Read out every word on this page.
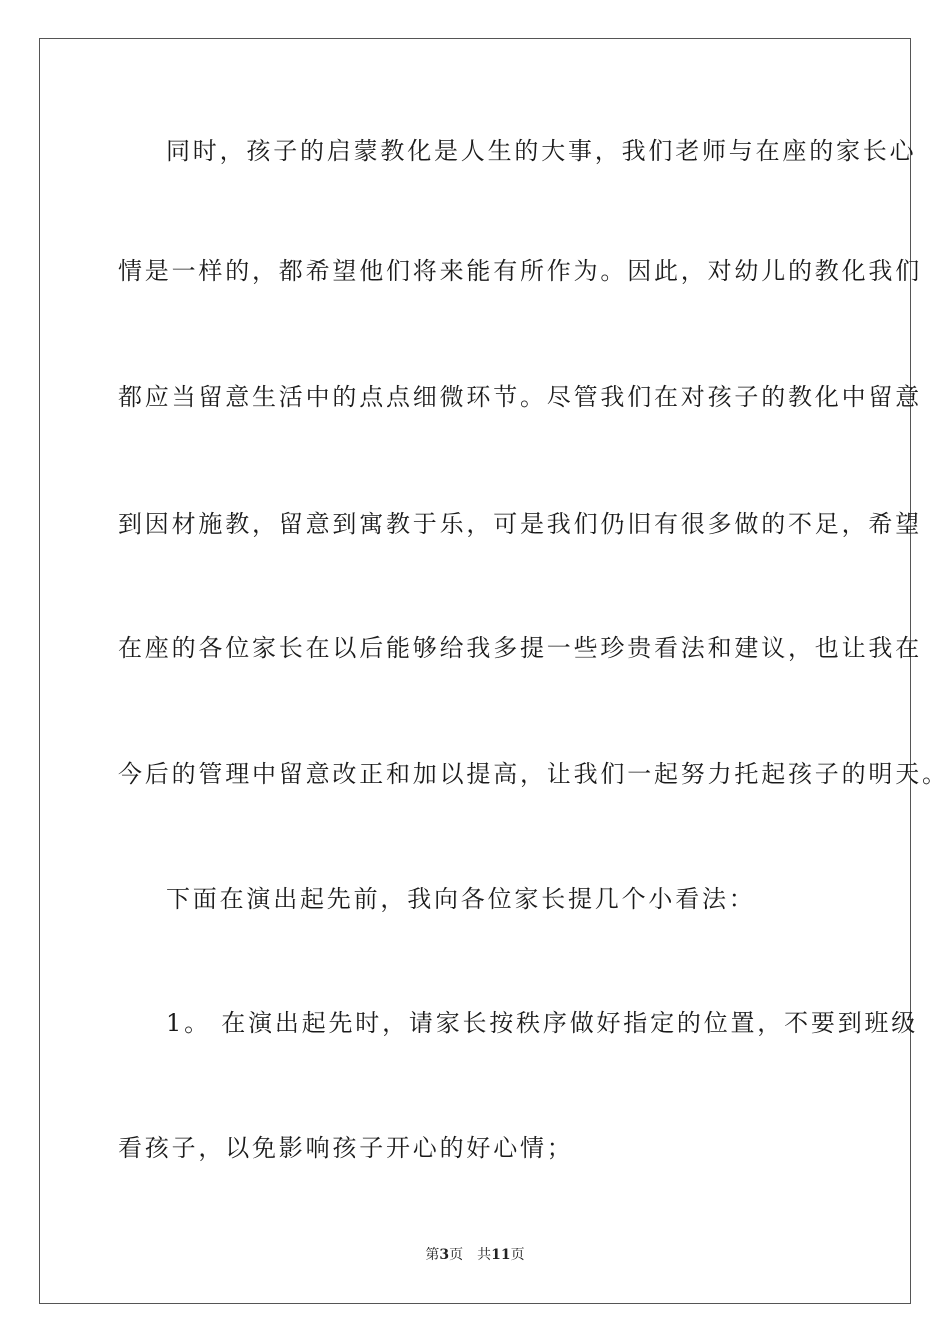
同时，孩子的启蒙教化是人生的大事，我们老师与在座的家长心
情是一样的，都希望他们将来能有所作为。因此，对幼儿的教化我们
都应当留意生活中的点点细微环节。尽管我们在对孩子的教化中留意
到因材施教，留意到寓教于乐，可是我们仍旧有很多做的不足，希望
在座的各位家长在以后能够给我多提一些珍贵看法和建议，也让我在
今后的管理中留意改正和加以提高，让我们一起努力托起孩子的明天。
下面在演出起先前，我向各位家长提几个小看法：
1。 在演出起先时，请家长按秩序做好指定的位置，不要到班级
看孩子，以免影响孩子开心的好心情；
第3页 共11页
